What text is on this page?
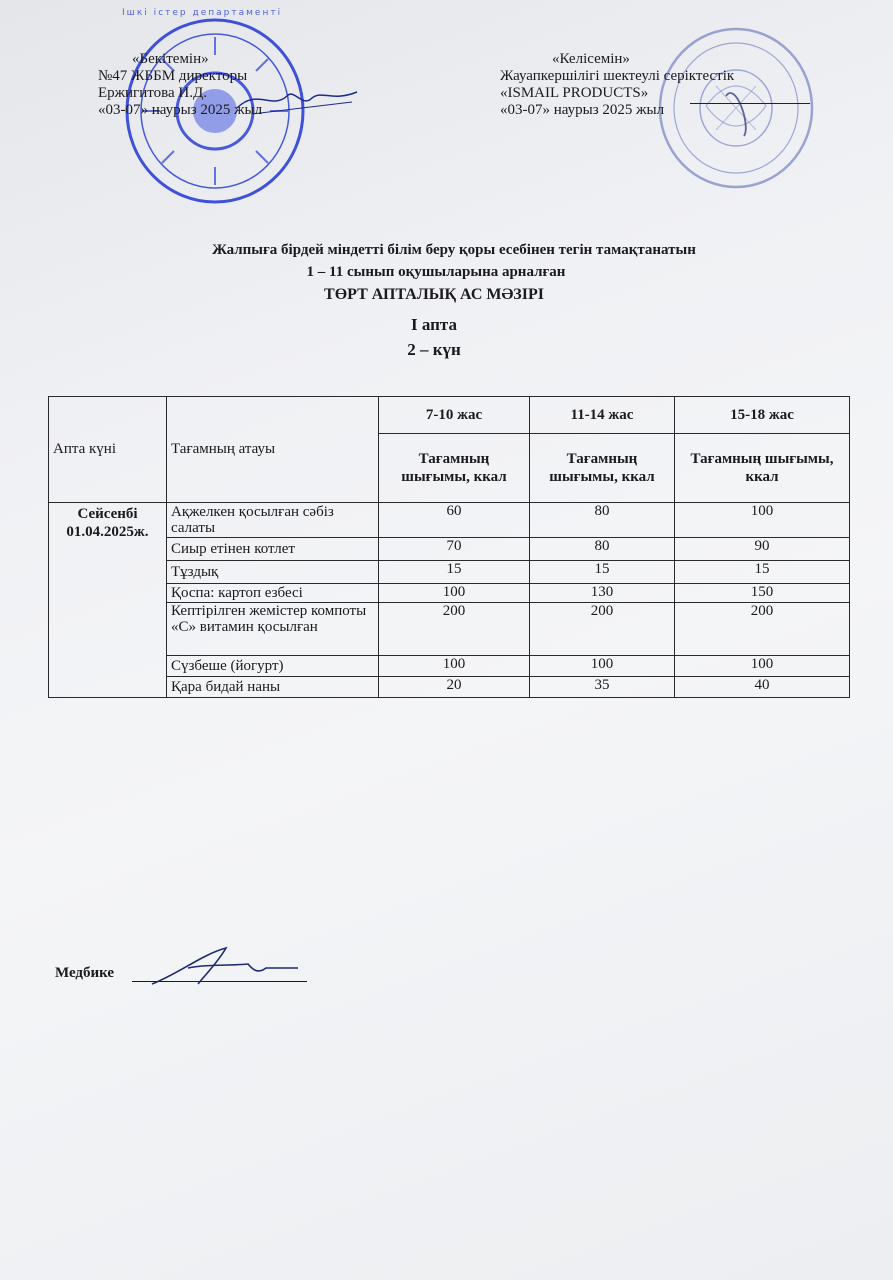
Ішкі істер департаменті
«Бекітемін»
№47 ЖББМ директоры
Ержигитова И.Д.
«03-07» наурыз 2025 жыл
«Келісемін»
Жауапкершілігі шектеулі серіктестік
«ISMAIL PRODUCTS»
«03-07» наурыз 2025 жыл
Жалпыға бірдей міндетті білім беру қоры есебінен тегін тамақтанатын
1 – 11 сынып оқушыларына арналған
ТӨРТ АПТАЛЫҚ АС МӘЗІРІ
I апта
2 – күн
Апта күні	Тағамның атауы	7-10 жас	11-14 жас	15-18 жас
		Тағамның шығымы, ккал	Тағамның шығымы, ккал	Тағамның шығымы, ккал

Сейсенбі
01.04.2025ж.	Ақжелкен қосылған сәбіз салаты	60	80	100
	Сиыр етінен котлет	70	80	90
	Тұздық	15	15	15
	Қоспа: картоп езбесі	100	130	150
	Кептірілген жемістер компоты «С» витамин қосылған	200	200	200
	Сүзбеше (йогурт)	100	100	100
	Қара бидай наны	20	35	40
Медбике
